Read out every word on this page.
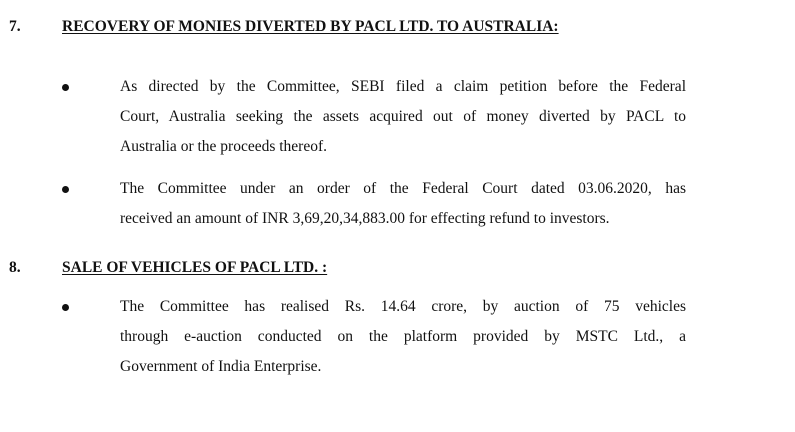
7.	RECOVERY OF MONIES DIVERTED BY PACL LTD. TO AUSTRALIA:
As directed by the Committee, SEBI filed a claim petition before the Federal
Court, Australia seeking the assets acquired out of money diverted by PACL to
Australia or the proceeds thereof.
The Committee under an order of the Federal Court dated 03.06.2020, has
received an amount of INR 3,69,20,34,883.00 for effecting refund to investors.
8.	SALE OF VEHICLES OF PACL LTD. :
The Committee has realised Rs. 14.64 crore, by auction of 75 vehicles
through e-auction conducted on the platform provided by MSTC Ltd., a
Government of India Enterprise.
